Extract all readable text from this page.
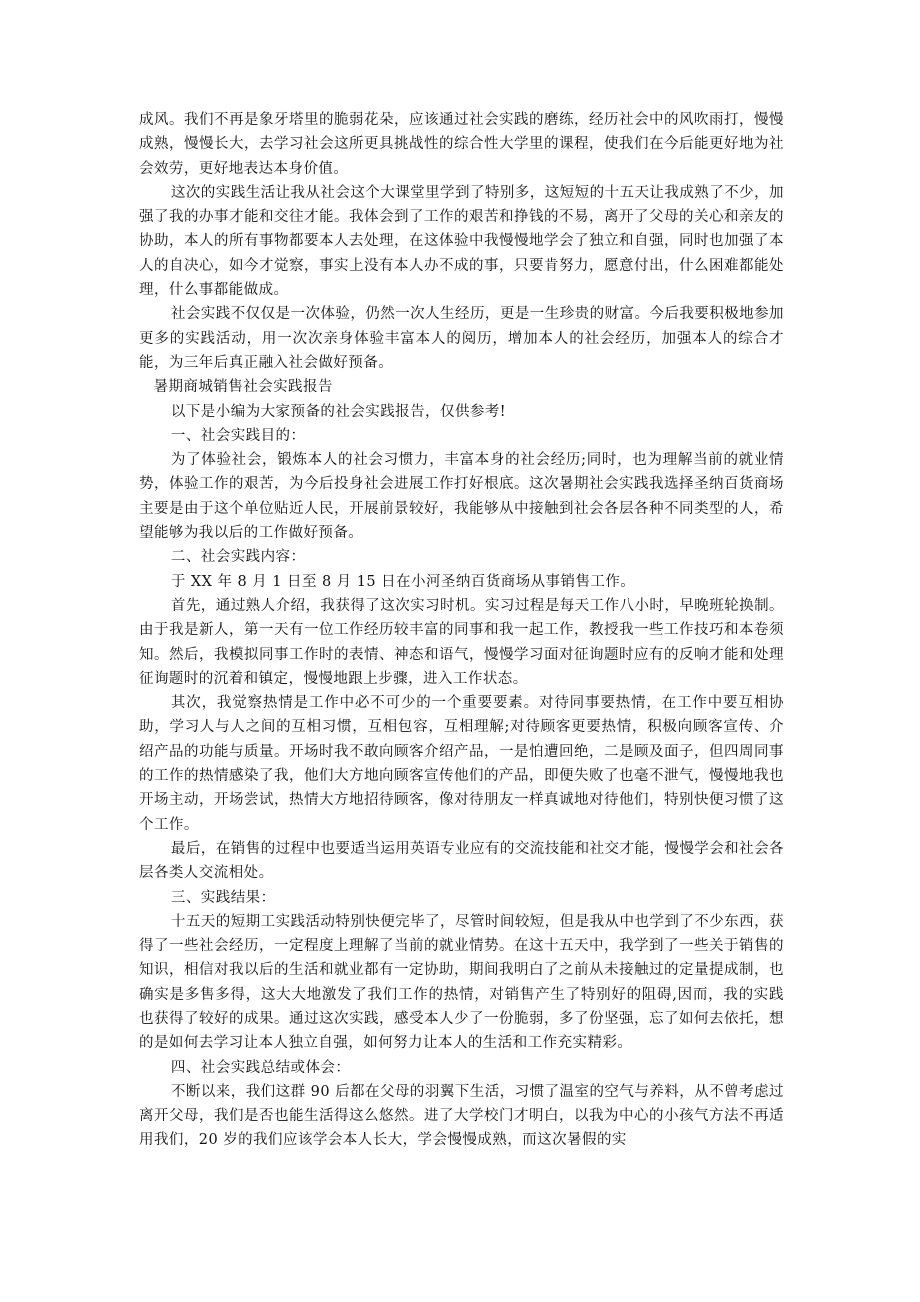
成风。我们不再是象牙塔里的脆弱花朵，应该通过社会实践的磨练，经历社会中的风吹雨打，慢慢成熟，慢慢长大，去学习社会这所更具挑战性的综合性大学里的课程，使我们在今后能更好地为社会效劳，更好地表达本身价值。

这次的实践生活让我从社会这个大课堂里学到了特别多，这短短的十五天让我成熟了不少，加强了我的办事才能和交往才能。我体会到了工作的艰苦和挣钱的不易，离开了父母的关心和亲友的协助，本人的所有事物都要本人去处理，在这体验中我慢慢地学会了独立和自强，同时也加强了本人的自决心，如今才觉察，事实上没有本人办不成的事，只要肯努力，愿意付出，什么困难都能处理，什么事都能做成。

社会实践不仅仅是一次体验，仍然一次人生经历，更是一生珍贵的财富。今后我要积极地参加更多的实践活动，用一次次亲身体验丰富本人的阅历，增加本人的社会经历，加强本人的综合才能，为三年后真正融入社会做好预备。

暑期商城销售社会实践报告

以下是小编为大家预备的社会实践报告，仅供参考!

一、社会实践目的：

为了体验社会，锻炼本人的社会习惯力，丰富本身的社会经历;同时，也为理解当前的就业情势，体验工作的艰苦，为今后投身社会进展工作打好根底。这次暑期社会实践我选择圣纳百货商场主要是由于这个单位贴近人民，开展前景较好，我能够从中接触到社会各层各种不同类型的人，希望能够为我以后的工作做好预备。

二、社会实践内容：

于 XX 年 8 月 1 日至 8 月 15 日在小河圣纳百货商场从事销售工作。

首先，通过熟人介绍，我获得了这次实习时机。实习过程是每天工作八小时，早晚班轮换制。由于我是新人，第一天有一位工作经历较丰富的同事和我一起工作，教授我一些工作技巧和本卷须知。然后，我模拟同事工作时的表情、神态和语气，慢慢学习面对征询题时应有的反响才能和处理征询题时的沉着和镇定，慢慢地跟上步骤，进入工作状态。

其次，我觉察热情是工作中必不可少的一个重要要素。对待同事要热情，在工作中要互相协助，学习人与人之间的互相习惯，互相包容，互相理解;对待顾客更要热情，积极向顾客宣传、介绍产品的功能与质量。开场时我不敢向顾客介绍产品，一是怕遭回绝，二是顾及面子，但四周同事的工作的热情感染了我，他们大方地向顾客宣传他们的产品，即便失败了也毫不泄气，慢慢地我也开场主动，开场尝试，热情大方地招待顾客，像对待朋友一样真诚地对待他们，特别快便习惯了这个工作。

最后，在销售的过程中也要适当运用英语专业应有的交流技能和社交才能，慢慢学会和社会各层各类人交流相处。

三、实践结果：

十五天的短期工实践活动特别快便完毕了，尽管时间较短，但是我从中也学到了不少东西，获得了一些社会经历，一定程度上理解了当前的就业情势。在这十五天中，我学到了一些关于销售的知识，相信对我以后的生活和就业都有一定协助，期间我明白了之前从未接触过的定量提成制，也确实是多售多得，这大大地激发了我们工作的热情，对销售产生了特别好的阻碍,因而，我的实践也获得了较好的成果。通过这次实践，感受本人少了一份脆弱，多了份坚强，忘了如何去依托，想的是如何去学习让本人独立自强，如何努力让本人的生活和工作充实精彩。

四、社会实践总结或体会：

不断以来，我们这群 90 后都在父母的羽翼下生活，习惯了温室的空气与养料，从不曾考虑过离开父母，我们是否也能生活得这么悠然。进了大学校门才明白，以我为中心的小孩气方法不再适用我们，20 岁的我们应该学会本人长大，学会慢慢成熟，而这次暑假的实
